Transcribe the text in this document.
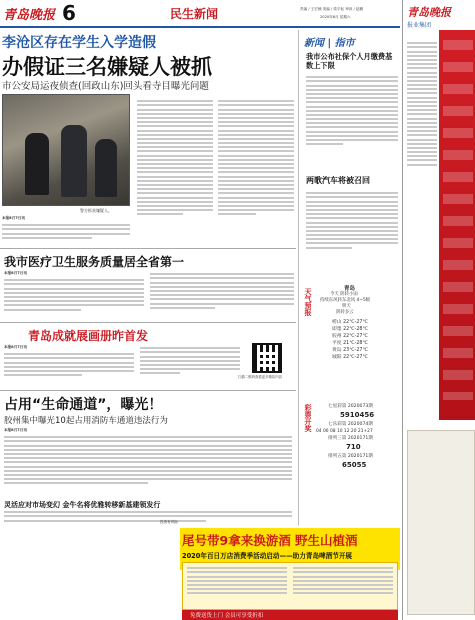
青岛晚报 6	民生新闻	责编 / 王宏楠 美编 / 梁平耘 审读 / 赵鹏
2020年6月 星期六
李沧区存在学生入学造假
办假证三名嫌疑人被抓
市公安局运夜侦查(回政山东)回头看寺目曝光问题
警方抓获嫌疑人。
本报8月7日讯
我市医疗卫生服务质量居全省第一
本报8月7日讯
青岛成就展画册昨首发
本报8月7日讯
扫描二维码查看更多精彩内容
占用“生命通道”，曝光！
胶州集中曝光10起占用消防车通道违法行为
本报8月7日讯
灵活应对市场变幻 金牛名将优雅转移新基建领发行
投资有风险
新闻 | 指市
我市公布社保个人月缴费基数上下限
两歌汽车将被召回
天气预报	青岛
今天 阴转小雨
持续东风转东北风 4~5级
明天
阴转多云
崂山 22℃-27℃
即墨 22℃-28℃
胶州 22℃-27℃
平度 21℃-28℃
黄岛 23℃-27℃
城阳 22℃-27℃
彩票开奖	七星彩第 2020073期
5910456
七乐彩第 2020074期
04 06 08 10 12 20 21+27
排列三第 2020171期
710
排列五第 2020171期
65055
尾号带9拿来换游酒 野生山植酒
2020年百日万店消费季活动启动——助力青岛啤酒节开展
免费送货上门 会员可享受折扣
青岛晚报
报业集团
